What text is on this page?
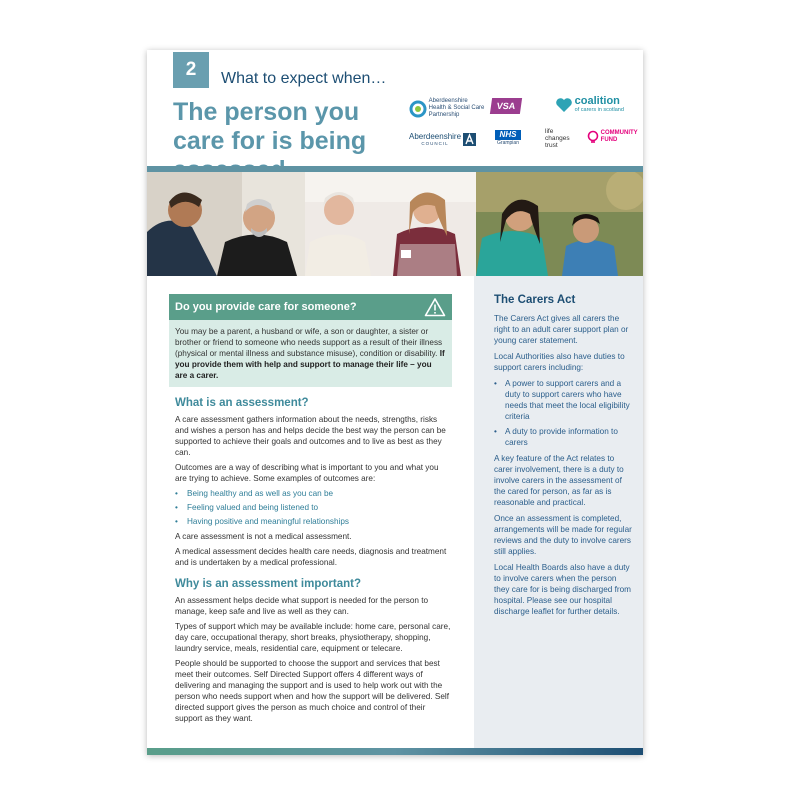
2	What to expect when…
The person you care for is being
Aberdeenshire Health & Social Care Partnership
VSA
	coalition
of carers in scotland
Aberdeenshire
COUNCIL

NHS
Grampian
life changes trust
COMMUNITY FUND
Do you provide care for someone?
You may be a parent, a husband or wife, a son or daughter, a sister or brother or friend to someone who needs support as a result of their illness (physical or mental illness and substance misuse), condition or disability. If you provide them with help and support to manage their life – you are a carer.
What is an assessment?

A care assessment gathers information about the needs, strengths, risks and wishes a person has and helps decide the best way the person can be supported to achieve their goals and outcomes and to live as best as they can.

Outcomes are a way of describing what is important to you and what you are trying to achieve. Some examples of outcomes are:

• Being healthy and as well as you can be
• Feeling valued and being listened to
• Having positive and meaningful relationships

A care assessment is not a medical assessment.

A medical assessment decides health care needs, diagnosis and treatment and is undertaken by a medical professional.

Why is an assessment important?

An assessment helps decide what support is needed for the person to manage, keep safe and live as well as they can.

Types of support which may be available include: home care, personal care, day care, occupational therapy, short breaks, physiotherapy, shopping, laundry service, meals, residential care, equipment or telecare.

People should be supported to choose the support and services that best meet their outcomes. Self Directed Support offers 4 different ways of delivering and managing the support and is used to help work out with the person who needs support when and how the support will be delivered. Self directed support gives the person as much choice and control of their support as they want.

The Carers Act

The Carers Act gives all carers the right to an adult carer support plan or young carer statement.

Local Authorities also have duties to support carers including:

• A power to support carers and a duty to support carers who have needs that meet the local eligibility criteria
• A duty to provide information to carers

A key feature of the Act relates to carer involvement, there is a duty to involve carers in the assessment of the cared for person, as far as is reasonable and practical.

Once an assessment is completed, arrangements will be made for regular reviews and the duty to involve carers still applies.

Local Health Boards also have a duty to involve carers when the person they care for is being discharged from hospital. Please see our hospital discharge leaflet for further details.
